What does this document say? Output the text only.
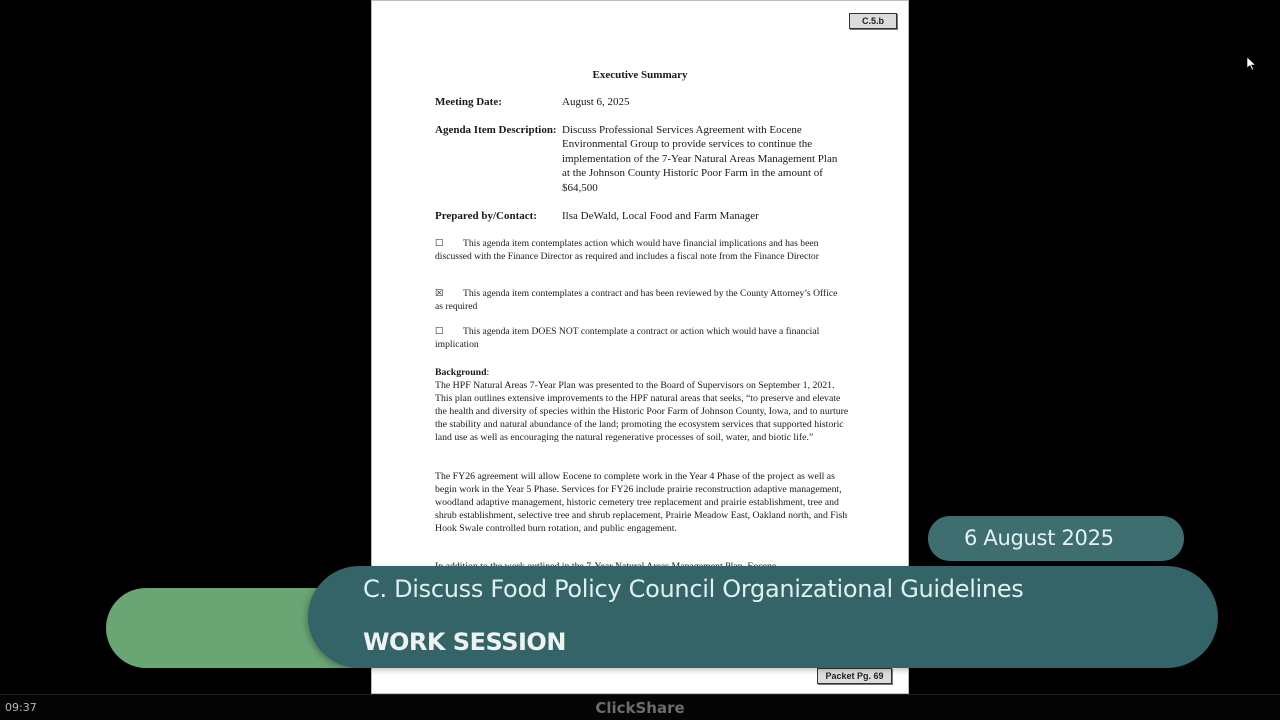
C.5.b
Executive Summary
Meeting Date:	August 6, 2025
Agenda Item Description: Discuss Professional Services Agreement with Eocene Environmental Group to provide services to continue the implementation of the 7-Year Natural Areas Management Plan at the Johnson County Historic Poor Farm in the amount of $64,500
Prepared by/Contact:	Ilsa DeWald, Local Food and Farm Manager
☐ This agenda item contemplates action which would have financial implications and has been discussed with the Finance Director as required and includes a fiscal note from the Finance Director
☒ This agenda item contemplates a contract and has been reviewed by the County Attorney’s Office as required
☐ This agenda item DOES NOT contemplate a contract or action which would have a financial implication
Background:
The HPF Natural Areas 7-Year Plan was presented to the Board of Supervisors on September 1, 2021. This plan outlines extensive improvements to the HPF natural areas that seeks, “to preserve and elevate the health and diversity of species within the Historic Poor Farm of Johnson County, Iowa, and to nurture the stability and natural abundance of the land; promoting the ecosystem services that supported historic land use as well as encouraging the natural regenerative processes of soil, water, and biotic life.”
The FY26 agreement will allow Eocene to complete work in the Year 4 Phase of the project as well as begin work in the Year 5 Phase. Services for FY26 include prairie reconstruction adaptive management, woodland adaptive management, historic cemetery tree replacement and prairie establishment, tree and shrub establishment, selective tree and shrub replacement, Prairie Meadow East, Oakland north, and Fish Hook Swale controlled burn rotation, and public engagement.
Packet Pg. 69
C. Discuss Food Policy Council Organizational Guidelines
WORK SESSION
6 August 2025
09:37	ClickShare
